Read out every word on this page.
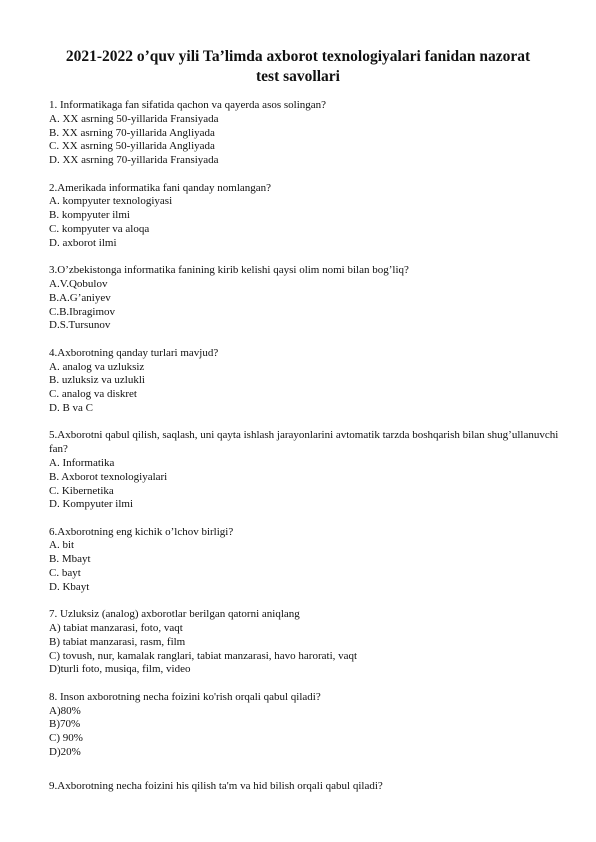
2021-2022 o’quv yili Ta’limda axborot texnologiyalari fanidan nazorat
test savollari
1. Informatikaga fan sifatida qachon va qayerda asos solingan?
A. XX asrning 50-yillarida Fransiyada
B. XX asrning 70-yillarida Angliyada
C. XX asrning 50-yillarida Angliyada
D. XX asrning 70-yillarida Fransiyada
2.Amerikada informatika fani qanday nomlangan?
A. kompyuter texnologiyasi
B. kompyuter ilmi
C. kompyuter va aloqa
D. axborot ilmi
3.O’zbekistonga informatika fanining kirib kelishi qaysi olim nomi bilan bog’liq?
A.V.Qobulov
B.A.G’aniyev
C.B.Ibragimov
D.S.Tursunov
4.Axborotning qanday turlari mavjud?
A. analog va uzluksiz
B. uzluksiz va uzlukli
C. analog va diskret
D. B va C
5.Axborotni qabul qilish, saqlash, uni qayta ishlash jarayonlarini avtomatik tarzda boshqarish bilan shug’ullanuvchi fan?
A. Informatika
B. Axborot texnologiyalari
C. Kibernetika
D. Kompyuter ilmi
6.Axborotning eng kichik o’lchov birligi?
A. bit
B. Mbayt
C. bayt
D. Kbayt
7. Uzluksiz (analog) axborotlar berilgan qatorni aniqlang
A) tabiat manzarasi, foto, vaqt
B) tabiat manzarasi, rasm, film
C) tovush, nur, kamalak ranglari, tabiat manzarasi, havo harorati, vaqt
D)turli foto, musiqa, film, video
8. Inson axborotning necha foizini ko'rish orqali qabul qiladi?
A)80%
B)70%
C) 90%
D)20%
9.Axborotning necha foizini his qilish ta'm va hid bilish orqali qabul qiladi?
